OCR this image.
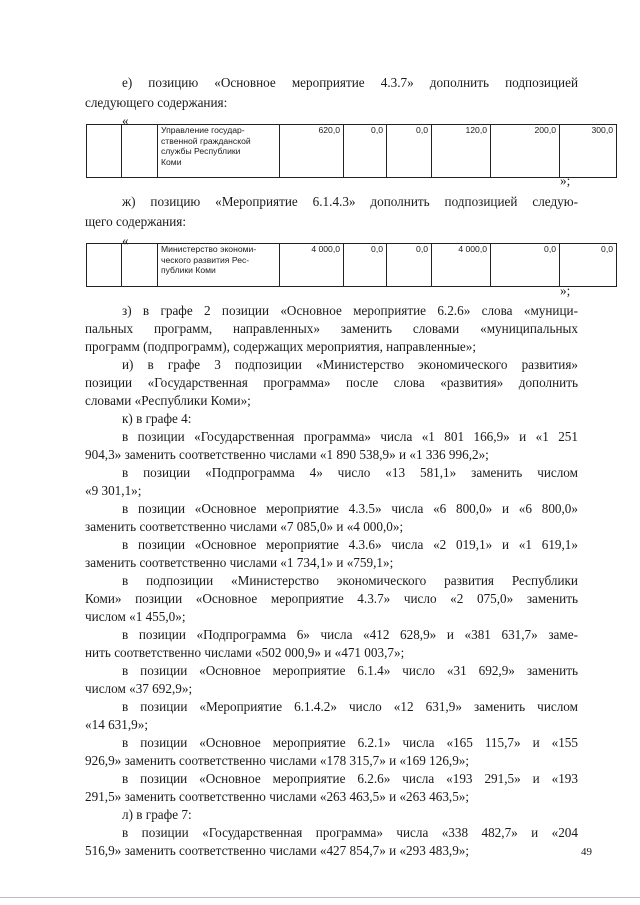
е) позицию «Основное мероприятие 4.3.7» дополнить подпозицией

следующего содержания:

«

Управление государ-
ственной гражданской
службы Республики
Коми
	620,0	0,0	0,0	120,0	200,0	300,0

»;

ж) позицию «Мероприятие 6.1.4.3» дополнить подпозицией следую-

щего содержания:

«

Министерство экономи-
ческого развития Рес-
публики Коми
	4 000,0	0,0	0,0	4 000,0	0,0	0,0

»;

з) в графе 2 позиции «Основное мероприятие 6.2.6» слова «муници-

пальных программ, направленных» заменить словами «муниципальных

программ (подпрограмм), содержащих мероприятия, направленные»;

и) в графе 3 подпозиции «Министерство экономического развития»

позиции «Государственная программа» после слова «развития» дополнить

словами «Республики Коми»;

к) в графе 4:

в позиции «Государственная программа» числа «1 801 166,9» и «1 251

904,3» заменить соответственно числами «1 890 538,9» и «1 336 996,2»;

в позиции «Подпрограмма 4» число «13 581,1» заменить числом

«9 301,1»;

в позиции «Основное мероприятие 4.3.5» числа «6 800,0» и «6 800,0»

заменить соответственно числами «7 085,0» и «4 000,0»;

в позиции «Основное мероприятие 4.3.6» числа «2 019,1» и «1 619,1»

заменить соответственно числами «1 734,1» и «759,1»;

в подпозиции «Министерство экономического развития Республики

Коми» позиции «Основное мероприятие 4.3.7» число «2 075,0» заменить

числом «1 455,0»;

в позиции «Подпрограмма 6» числа «412 628,9» и «381 631,7» заме-

нить соответственно числами «502 000,9» и «471 003,7»;

в позиции «Основное мероприятие 6.1.4» число «31 692,9» заменить

числом «37 692,9»;

в позиции «Мероприятие 6.1.4.2» число «12 631,9» заменить числом

«14 631,9»;

в позиции «Основное мероприятие 6.2.1» числа «165 115,7» и «155

926,9» заменить соответственно числами «178 315,7» и «169 126,9»;

в позиции «Основное мероприятие 6.2.6» числа «193 291,5» и «193

291,5» заменить соответственно числами «263 463,5» и «263 463,5»;

л) в графе 7:

в позиции «Государственная программа» числа «338 482,7» и «204

516,9» заменить соответственно числами «427 854,7» и «293 483,9»;	49
